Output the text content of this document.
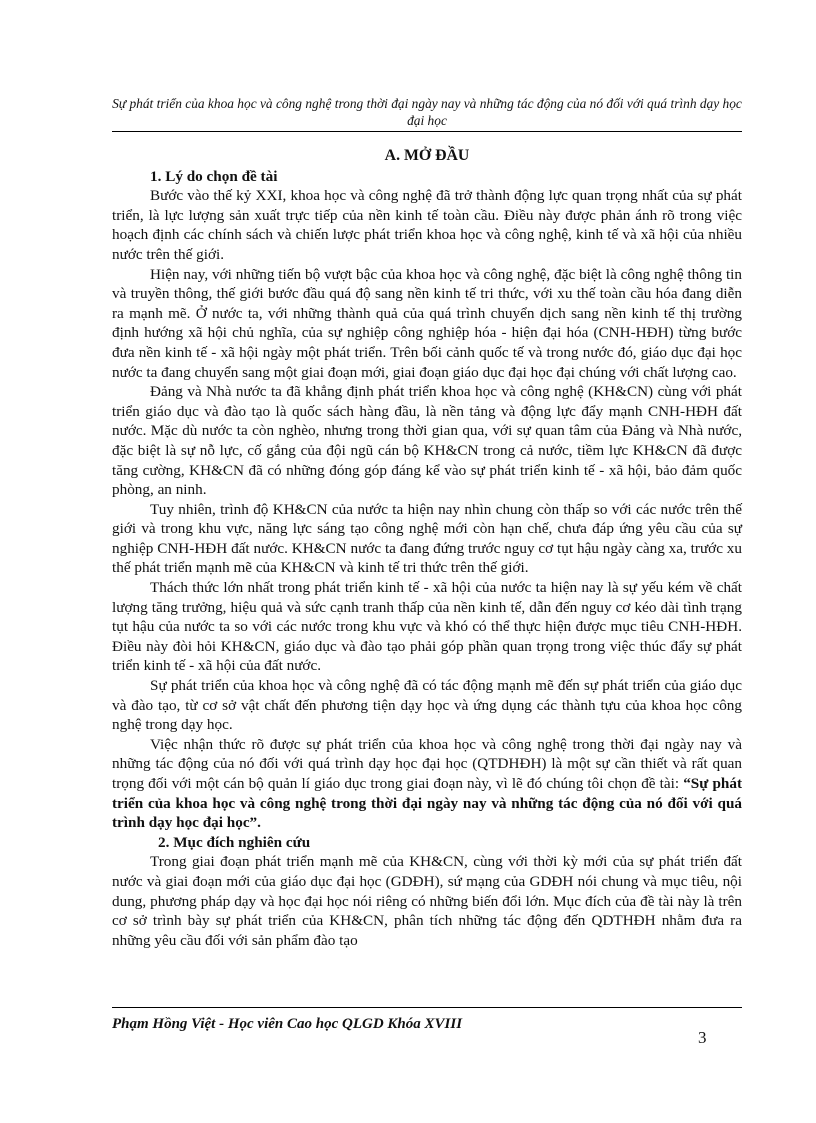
Sự phát triển của khoa học và công nghệ trong thời đại ngày nay và những tác động của nó đối với quá trình dạy học đại học
A. MỞ ĐẦU
1. Lý do chọn đề tài

Bước vào thế kỷ XXI, khoa học và công nghệ đã trở thành động lực quan trọng nhất của sự phát triển, là lực lượng sản xuất trực tiếp của nền kinh tế toàn cầu. Điều này được phản ánh rõ trong việc hoạch định các chính sách và chiến lược phát triển khoa học và công nghệ, kinh tế và xã hội của nhiều nước trên thế giới.

Hiện nay, với những tiến bộ vượt bậc của khoa học và công nghệ, đặc biệt là công nghệ thông tin và truyền thông, thế giới bước đầu quá độ sang nền kinh tế tri thức, với xu thế toàn cầu hóa đang diễn ra mạnh mẽ. Ở nước ta, với những thành quả của quá trình chuyển dịch sang nền kinh tế thị trường định hướng xã hội chủ nghĩa, của sự nghiệp công nghiệp hóa - hiện đại hóa (CNH-HĐH) từng bước đưa nền kinh tế - xã hội ngày một phát triển. Trên bối cảnh quốc tế và trong nước đó, giáo dục đại học nước ta đang chuyển sang một giai đoạn mới, giai đoạn giáo dục đại học đại chúng với chất lượng cao.

Đảng và Nhà nước ta đã khẳng định phát triển khoa học và công nghệ (KH&CN) cùng với phát triển giáo dục và đào tạo là quốc sách hàng đầu, là nền tảng và động lực đẩy mạnh CNH-HĐH đất nước. Mặc dù nước ta còn nghèo, nhưng trong thời gian qua, với sự quan tâm của Đảng và Nhà nước, đặc biệt là sự nỗ lực, cố gắng của đội ngũ cán bộ KH&CN trong cả nước, tiềm lực KH&CN đã được tăng cường, KH&CN đã có những đóng góp đáng kể vào sự phát triển kinh tế - xã hội, bảo đảm quốc phòng, an ninh.

Tuy nhiên, trình độ KH&CN của nước ta hiện nay nhìn chung còn thấp so với các nước trên thế giới và trong khu vực, năng lực sáng tạo công nghệ mới còn hạn chế, chưa đáp ứng yêu cầu của sự nghiệp CNH-HĐH đất nước. KH&CN nước ta đang đứng trước nguy cơ tụt hậu ngày càng xa, trước xu thế phát triển mạnh mẽ của KH&CN và kinh tế tri thức trên thế giới.

Thách thức lớn nhất trong phát triển kinh tế - xã hội của nước ta hiện nay là sự yếu kém về chất lượng tăng trưởng, hiệu quả và sức cạnh tranh thấp của nền kinh tế, dẫn đến nguy cơ kéo dài tình trạng tụt hậu của nước ta so với các nước trong khu vực và khó có thể thực hiện được mục tiêu CNH-HĐH. Điều này đòi hỏi KH&CN, giáo dục và đào tạo phải góp phần quan trọng trong việc thúc đẩy sự phát triển kinh tế - xã hội của đất nước.

Sự phát triển của khoa học và công nghệ đã có tác động mạnh mẽ đến sự phát triển của giáo dục và đào tạo, từ cơ sở vật chất đến phương tiện dạy học và ứng dụng các thành tựu của khoa học công nghệ trong dạy học.

Việc nhận thức rõ được sự phát triển của khoa học và công nghệ trong thời đại ngày nay và những tác động của nó đối với quá trình dạy học đại học (QTDHĐH) là một sự cần thiết và rất quan trọng đối với một cán bộ quản lí giáo dục trong giai đoạn này, vì lẽ đó chúng tôi chọn đề tài: “Sự phát triển của khoa học và công nghệ trong thời đại ngày nay và những tác động của nó đối với quá trình dạy học đại học”.

2. Mục đích nghiên cứu

Trong giai đoạn phát triển mạnh mẽ của KH&CN, cùng với thời kỳ mới của sự phát triển đất nước và giai đoạn mới của giáo dục đại học (GDĐH), sứ mạng của GDĐH nói chung và mục tiêu, nội dung, phương pháp dạy và học đại học nói riêng có những biến đổi lớn. Mục đích của đề tài này là trên cơ sở trình bày sự phát triển của KH&CN, phân tích những tác động đến QDTHĐH nhằm đưa ra những yêu cầu đối với sản phẩm đào tạo

Phạm Hồng Việt - Học viên Cao học QLGD Khóa XVIII
3
